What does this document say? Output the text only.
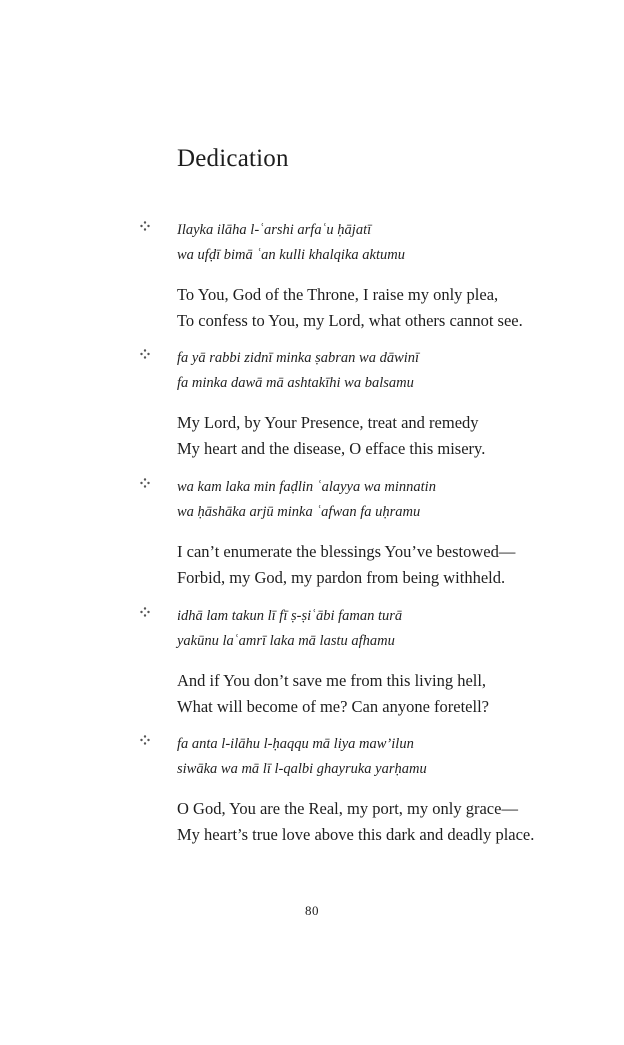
Dedication
Ilayka ilāha l-ʿarshi arfaʿu ḥājatī
wa ufḍī bimā ʿan kulli khalqika aktumu
To You, God of the Throne, I raise my only plea,
To confess to You, my Lord, what others cannot see.
fa yā rabbi zidnī minka ṣabran wa dāwinī
fa minka dawā mā ashtakīhi wa balsamu
My Lord, by Your Presence, treat and remedy
My heart and the disease, O efface this misery.
wa kam laka min faḍlin ʿalayya wa minnatin
wa ḥāshāka arjū minka ʿafwan fa uḥramu
I can’t enumerate the blessings You’ve bestowed—
Forbid, my God, my pardon from being withheld.
idhā lam takun lī fī ṣ-ṣiʿābi faman turā
yakūnu laʿamrī laka mā lastu afhamu
And if You don’t save me from this living hell,
What will become of me? Can anyone foretell?
fa anta l-ilāhu l-ḥaqqu mā liya maw’ilun
siwāka wa mā lī l-qalbi ghayruka yarḥamu
O God, You are the Real, my port, my only grace—
My heart’s true love above this dark and deadly place.
80
